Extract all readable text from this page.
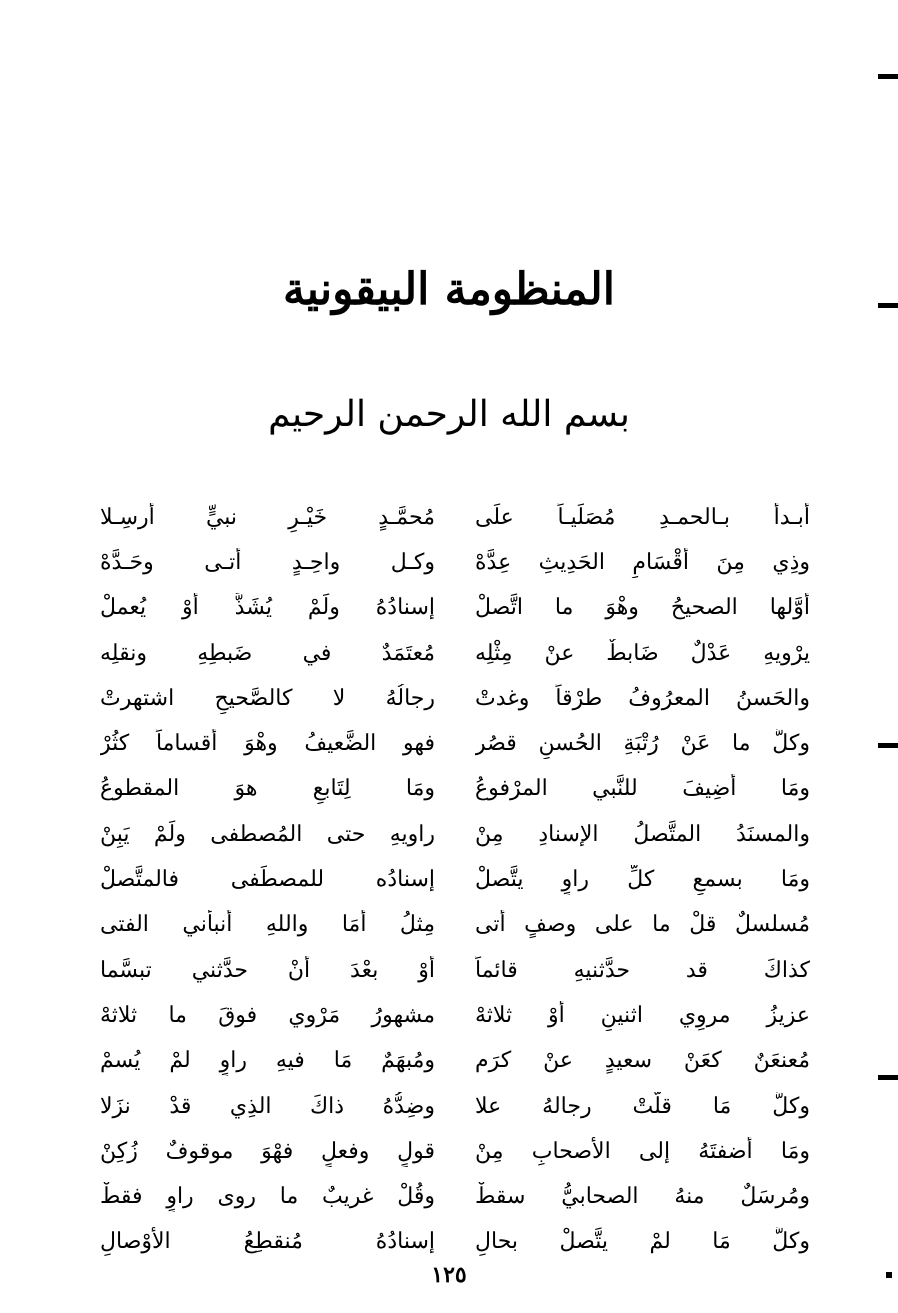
المنظومة البيقونية
بسم الله الرحمن الرحيم
أبـدأُ بـالحمـدِ مُصَلِّيـاً علَى
مُحمَّـدٍ خَيْـرِ نبيٍّ أُرسِـلا
وذِي مِنَ أقْسَامِ الحَدِيثِ عِدَّهْ
وكـل واحِـدٍ أتـى وحَـدَّهْ
أوَّلها الصحيحُ وهْوَ ما اتَّصلْ
إسنادُهُ ولَمْ يُشَذَّ أوْ يُعملْ
يرْويهِ عَدْلٌ ضَابطٌ عنْ مِثْلِه
مُعتَمَدٌ في ضَبطِهِ ونقلِه
والحَسنُ المعرُوفُ طرْقاً وغدتْ
رجالُهُ لا كالصَّحيحِ اشتهرتْ
وكلُّ ما عَنْ رُتْبَةِ الحُسنِ قصُر
فهو الضَّعيفُ وهْوَ أقساماً كثُرْ
ومَا أُضِيفَ للنَّبي المرْفوعُ
ومَا لِتَابعٍ هوَ المقطوعُ
والمسنَدُ المتَّصلُ الإسنادِ مِنْ
راويهِ حتى المُصطفى ولَمْ يَبِنْ
ومَا بسمعِ كلِّ راوٍ يتَّصلْ
إسنادُه للمصطَفى فالمتَّصلْ
مُسلسلٌ قلْ ما على وصفٍ أتى
مِثلُ أمَا واللهِ أنبأني الفتى
كذاكَ قد حدَّثنيهِ قائماً
أوْ بعْدَ أنْ حدَّثني تبسَّما
عزيزُ مروِي اثنينِ أوْ ثلاثهْ
مشهورُ مَرْوي فوقَ ما ثلاثهْ
مُعنعَنٌ كعَنْ سعيدٍ عنْ كرَم
ومُبهَمٌ مَا فيهِ راوٍ لمْ يُسمْ
وكلُّ مَا قلَّتْ رجالهُ علا
وضِدُّهُ ذاكَ الذِي قدْ نزَلا
ومَا أضفتَهُ إلى الأصحابِ مِنْ
قولٍ وفعلٍ فهْوَ موقوفٌ زُكِنْ
ومُرسَلٌ منهُ الصحابيُّ سقطْ
وقُلْ غريبٌ ما روى راوٍ فقطْ
وكلُّ مَا لمْ يتَّصلْ بحالِ
إسنادُهُ مُنقطِعُ الأوْصالِ
١٢٥
